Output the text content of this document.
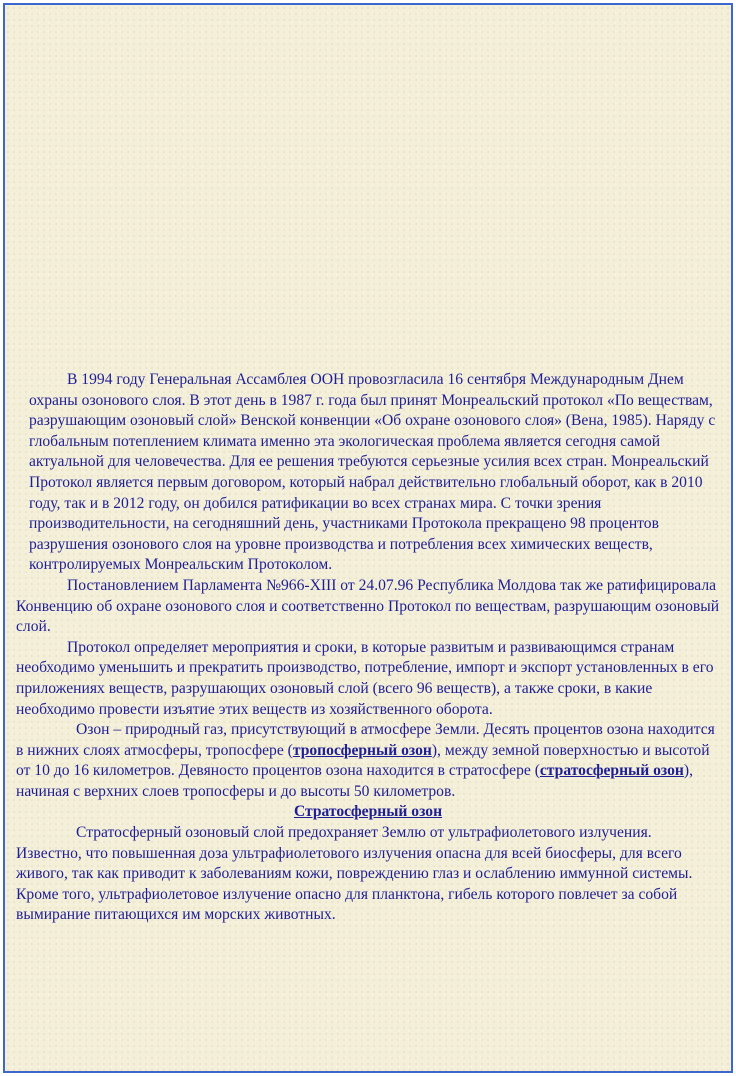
В 1994 году Генеральная Ассамблея ООН провозгласила 16 сентября Международным Днем охраны озонового слоя. В этот день в 1987 г. года был принят Монреальский протокол «По веществам, разрушающим озоновый слой» Венской конвенции «Об охране озонового слоя» (Вена, 1985). Наряду с глобальным потеплением климата именно эта экологическая проблема является сегодня самой актуальной для человечества. Для ее решения требуются серьезные усилия всех стран. Монреальский Протокол является первым договором, который набрал действительно глобальный оборот, как в 2010 году, так и в 2012 году, он добился ратификации во всех странах мира. С точки зрения производительности, на сегодняшний день, участниками Протокола прекращено 98 процентов разрушения озонового слоя на уровне производства и потребления всех химических веществ, контролируемых Монреальским Протоколом.

Постановлением Парламента №966-XIII от 24.07.96 Республика Молдова так же ратифицировала Конвенцию об охране озонового слоя и соответственно Протокол по веществам, разрушающим озоновый слой.

Протокол определяет мероприятия и сроки, в которые развитым и развивающимся странам необходимо уменьшить и прекратить производство, потребление, импорт и экспорт установленных в его приложениях веществ, разрушающих озоновый слой (всего 96 веществ), а также сроки, в какие необходимо провести изъятие этих веществ из хозяйственного оборота.

Озон – природный газ, присутствующий в атмосфере Земли. Десять процентов озона находится в нижних слоях атмосферы, тропосфере (тропосферный озон), между земной поверхностью и высотой от 10 до 16 километров. Девяносто процентов озона находится в стратосфере (стратосферный озон), начиная с верхних слоев тропосферы и до высоты 50 километров.

Стратосферный озон

Стратосферный озоновый слой предохраняет Землю от ультрафиолетового излучения. Известно, что повышенная доза ультрафиолетового излучения опасна для всей биосферы, для всего живого, так как приводит к заболеваниям кожи, повреждению глаз и ослаблению иммунной системы. Кроме того, ультрафиолетовое излучение опасно для планктона, гибель которого повлечет за собой вымирание питающихся им морских животных.
